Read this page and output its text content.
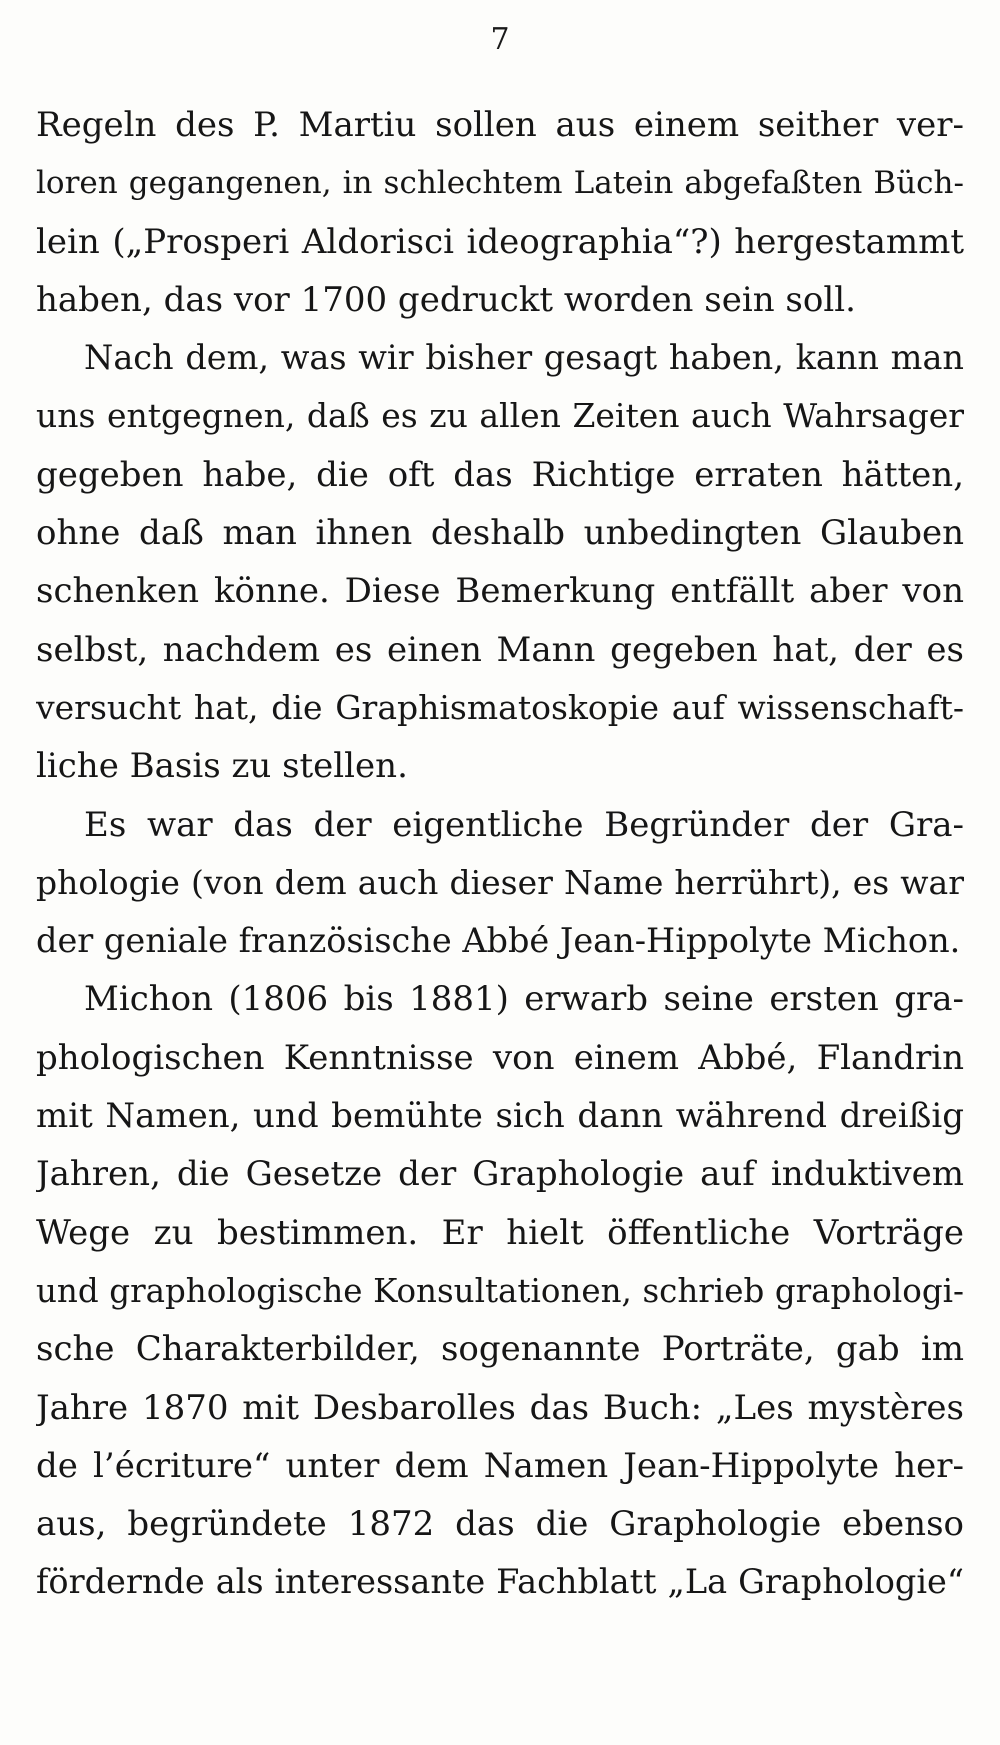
7
Regeln des P. Martiu sollen aus einem seither ver-
loren gegangenen, in schlechtem Latein abgefaßten Büch-
lein („Prosperi Aldorisci ideographia“?) hergestammt
haben, das vor 1700 gedruckt worden sein soll.
Nach dem, was wir bisher gesagt haben, kann man
uns entgegnen, daß es zu allen Zeiten auch Wahrsager
gegeben habe, die oft das Richtige erraten hätten,
ohne daß man ihnen deshalb unbedingten Glauben
schenken könne. Diese Bemerkung entfällt aber von
selbst, nachdem es einen Mann gegeben hat, der es
versucht hat, die Graphismatoskopie auf wissenschaft-
liche Basis zu stellen.
Es war das der eigentliche Begründer der Gra-
phologie (von dem auch dieser Name herrührt), es war
der geniale französische Abbé Jean-Hippolyte Michon.
Michon (1806 bis 1881) erwarb seine ersten gra-
phologischen Kenntnisse von einem Abbé, Flandrin
mit Namen, und bemühte sich dann während dreißig
Jahren, die Gesetze der Graphologie auf induktivem
Wege zu bestimmen. Er hielt öffentliche Vorträge
und graphologische Konsultationen, schrieb graphologi-
sche Charakterbilder, sogenannte Porträte, gab im
Jahre 1870 mit Desbarolles das Buch: „Les mystères
de l’écriture“ unter dem Namen Jean-Hippolyte her-
aus, begründete 1872 das die Graphologie ebenso
fördernde als interessante Fachblatt „La Graphologie“
